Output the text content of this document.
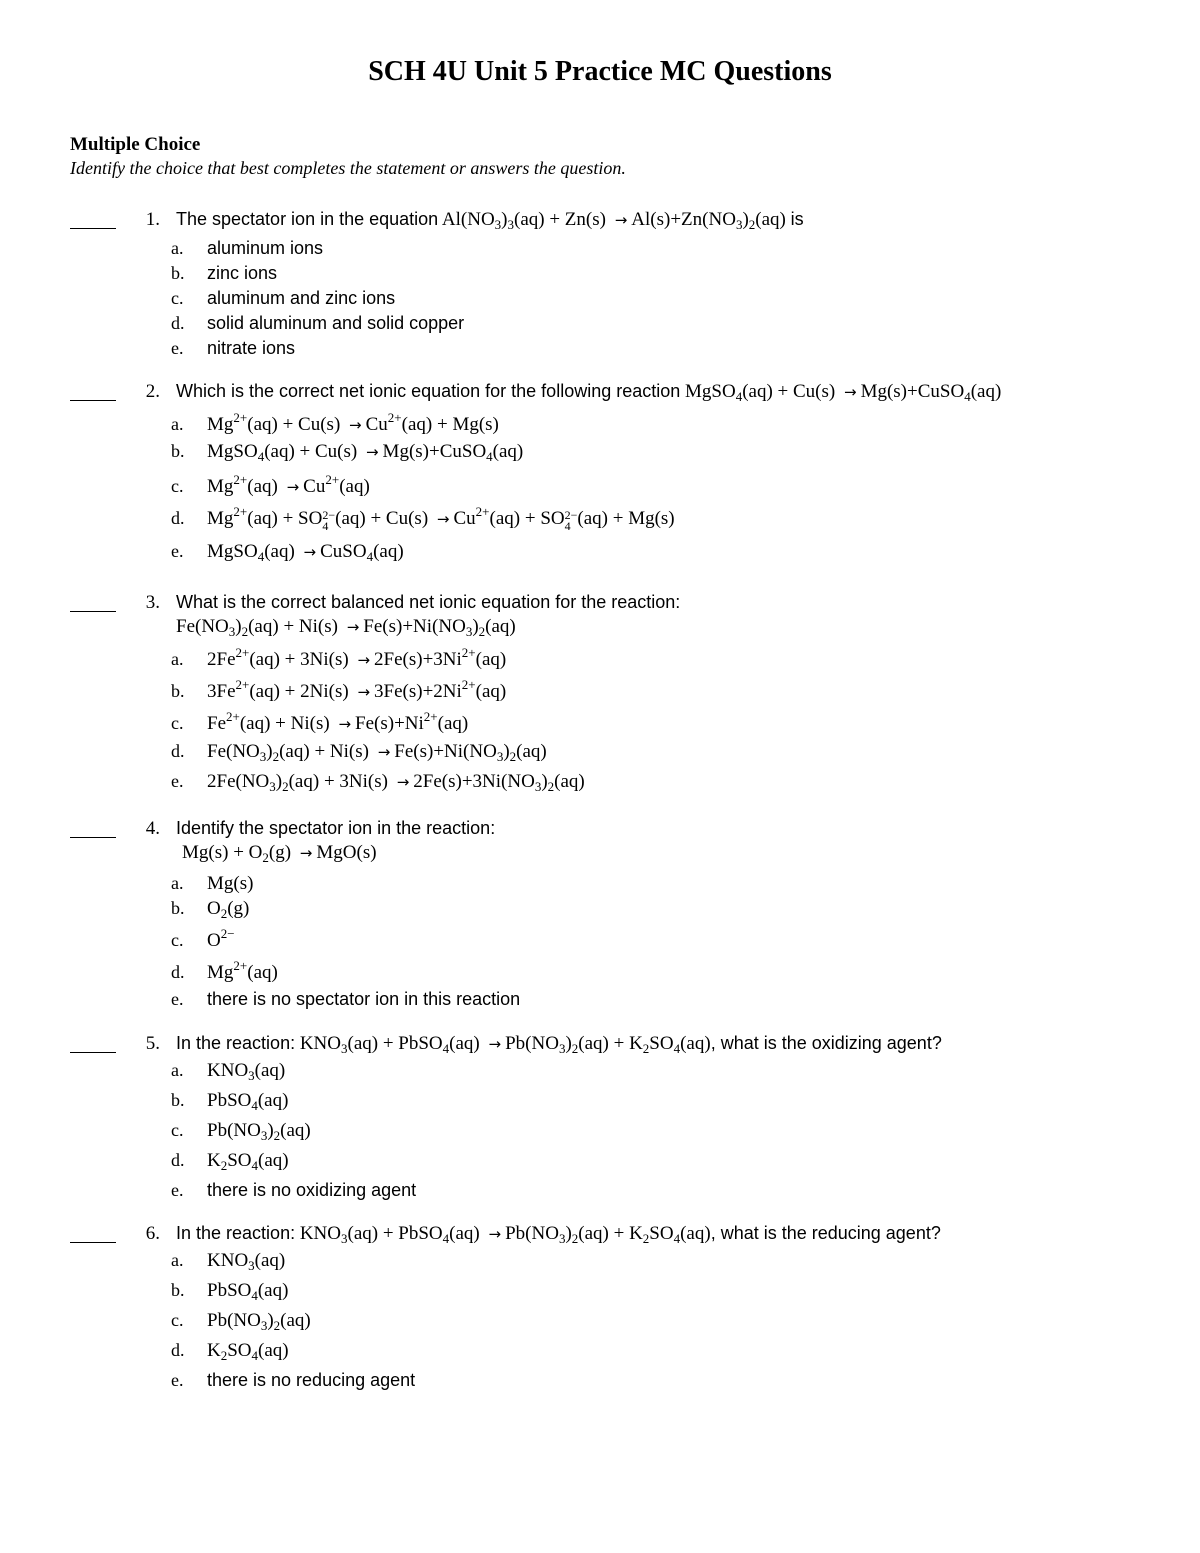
SCH 4U Unit 5 Practice MC Questions
Multiple Choice
Identify the choice that best completes the statement or answers the question.
1. The spectator ion in the equation $Al(NO_3)_3(aq) + Zn(s) \to Al(s)+Zn(NO_3)_2(aq)$ is
a. aluminum ions
b. zinc ions
c. aluminum and zinc ions
d. solid aluminum and solid copper
e. nitrate ions
2. Which is the correct net ionic equation for the following reaction MgSO$_4$(aq) + Cu(s) → Mg(s)+CuSO$_4$(aq)
a. $Mg^{2+}(aq) + Cu(s) \to Cu^{2+}(aq) + Mg(s)$
b. MgSO$_4$(aq) + Cu(s) → Mg(s)+CuSO$_4$(aq)
c. $Mg^{2+}(aq) \to Cu^{2+}(aq)$
d. $Mg^{2+}(aq)$ + SO 2−
4 $(aq) + Cu(s) \to Cu^{2+}(aq)$ + SO 2−
4 (aq) + Mg(s)
e. MgSO$_4$(aq) → CuSO$_4$(aq)
3. What is the correct balanced net ionic equation for the reaction:
$Fe(NO_3)_2(aq) + Ni(s) \to Fe(s)+Ni(NO_3)_2(aq)$
a. $2Fe^{2+}(aq) + 3Ni(s) \to 2Fe(s)+3Ni^{2+}(aq)$
b. $3Fe^{2+}(aq) + 2Ni(s) \to 3Fe(s)+2Ni^{2+}(aq)$
c. $Fe^{2+}(aq) + Ni(s) \to Fe(s)+Ni^{2+}(aq)$
d. $Fe(NO_3)_2(aq) + Ni(s) \to Fe(s)+Ni(NO_3)_2(aq)$
e. $2Fe(NO_3)_2(aq) + 3Ni(s) \to 2Fe(s)+3Ni(NO_3)_2(aq)$
4. Identify the spectator ion in the reaction:
$Mg(s) + O_2(g) \to MgO(s)$
a. Mg(s)
b. $O_2(g)$
c. $O^{2-}$
d. $Mg^{2+}(aq)$
e. there is no spectator ion in this reaction
5. In the reaction: $KNO_3(aq)$ + PbSO$_4$(aq) → $Pb(NO_3)_2(aq) + K_2SO_4(aq)$, what is the oxidizing agent?
a. $KNO_3(aq)$
b. PbSO$_4$(aq)
c. $Pb(NO_3)_2(aq)$
d. $K_2SO_4(aq)$
e. there is no oxidizing agent
6. In the reaction: $KNO_3(aq)$ + PbSO$_4$(aq) → $Pb(NO_3)_2(aq) + K_2SO_4(aq)$, what is the reducing agent?
a. $KNO_3(aq)$
b. PbSO$_4$(aq)
c. $Pb(NO_3)_2(aq)$
d. $K_2SO_4(aq)$
e. there is no reducing agent
